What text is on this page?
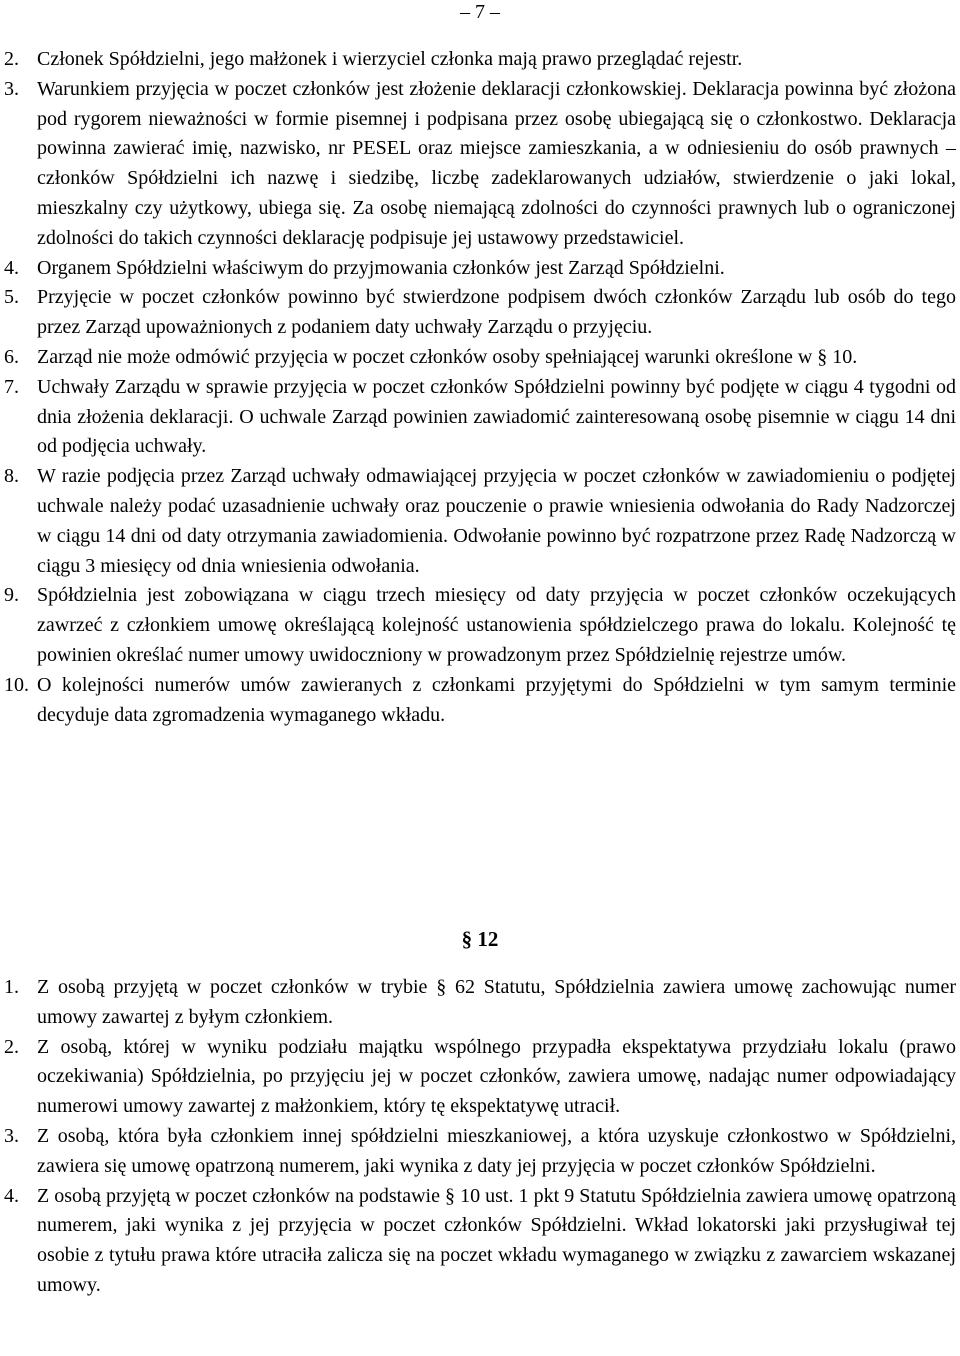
– 7 –
2. Członek Spółdzielni, jego małżonek i wierzyciel członka mają prawo przeglądać rejestr.
3. Warunkiem przyjęcia w poczet członków jest złożenie deklaracji członkowskiej. Deklaracja powinna być złożona pod rygorem nieważności w formie pisemnej i podpisana przez osobę ubiegającą się o członkostwo. Deklaracja powinna zawierać imię, nazwisko, nr PESEL oraz miejsce zamieszkania, a w odniesieniu do osób prawnych – członków Spółdzielni ich nazwę i siedzibę, liczbę zadeklarowanych udziałów, stwierdzenie o jaki lokal, mieszkalny czy użytkowy, ubiega się. Za osobę niemającą zdolności do czynności prawnych lub o ograniczonej zdolności do takich czynności deklarację podpisuje jej ustawowy przedstawiciel.
4. Organem Spółdzielni właściwym do przyjmowania członków jest Zarząd Spółdzielni.
5. Przyjęcie w poczet członków powinno być stwierdzone podpisem dwóch członków Zarządu lub osób do tego przez Zarząd upoważnionych z podaniem daty uchwały Zarządu o przyjęciu.
6. Zarząd nie może odmówić przyjęcia w poczet członków osoby spełniającej warunki określone w § 10.
7. Uchwały Zarządu w sprawie przyjęcia w poczet członków Spółdzielni powinny być podjęte w ciągu 4 tygodni od dnia złożenia deklaracji. O uchwale Zarząd powinien zawiadomić zainteresowaną osobę pisemnie w ciągu 14 dni od podjęcia uchwały.
8. W razie podjęcia przez Zarząd uchwały odmawiającej przyjęcia w poczet członków w zawiadomieniu o podjętej uchwale należy podać uzasadnienie uchwały oraz pouczenie o prawie wniesienia odwołania do Rady Nadzorczej w ciągu 14 dni od daty otrzymania zawiadomienia. Odwołanie powinno być rozpatrzone przez Radę Nadzorczą w ciągu 3 miesięcy od dnia wniesienia odwołania.
9. Spółdzielnia jest zobowiązana w ciągu trzech miesięcy od daty przyjęcia w poczet członków oczekujących zawrzeć z członkiem umowę określającą kolejność ustanowienia spółdzielczego prawa do lokalu. Kolejność tę powinien określać numer umowy uwidoczniony w prowadzonym przez Spółdzielnię rejestrze umów.
10. O kolejności numerów umów zawieranych z członkami przyjętymi do Spółdzielni w tym samym terminie decyduje data zgromadzenia wymaganego wkładu.
§ 12
1. Z osobą przyjętą w poczet członków w trybie § 62 Statutu, Spółdzielnia zawiera umowę zachowując numer umowy zawartej z byłym członkiem.
2. Z osobą, której w wyniku podziału majątku wspólnego przypadła ekspektatywa przydziału lokalu (prawo oczekiwania) Spółdzielnia, po przyjęciu jej w poczet członków, zawiera umowę, nadając numer odpowiadający numerowi umowy zawartej z małżonkiem, który tę ekspektatywę utracił.
3. Z osobą, która była członkiem innej spółdzielni mieszkaniowej, a która uzyskuje członkostwo w Spółdzielni, zawiera się umowę opatrzoną numerem, jaki wynika z daty jej przyjęcia w poczet członków Spółdzielni.
4. Z osobą przyjętą w poczet członków na podstawie § 10 ust. 1 pkt 9 Statutu Spółdzielnia zawiera umowę opatrzoną numerem, jaki wynika z jej przyjęcia w poczet członków Spółdzielni. Wkład lokatorski jaki przysługiwał tej osobie z tytułu prawa które utraciła zalicza się na poczet wkładu wymaganego w związku z zawarciem wskazanej umowy.
